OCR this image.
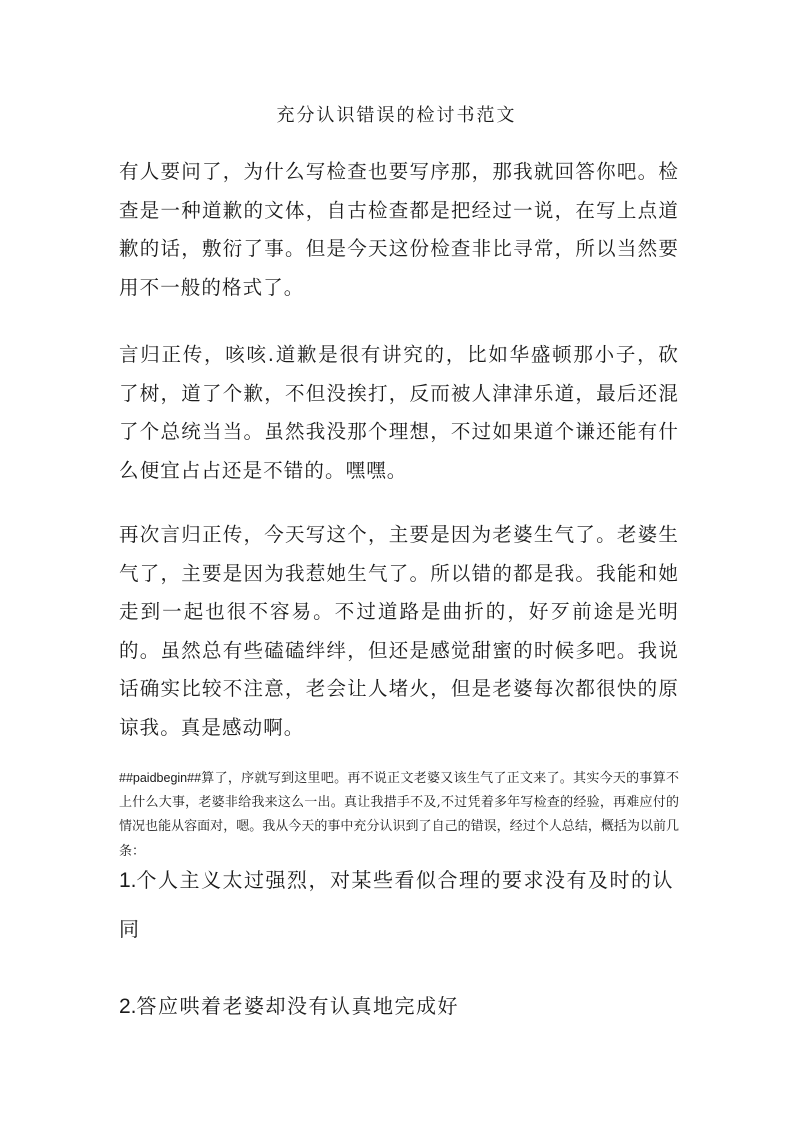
充分认识错误的检讨书范文

有人要问了，为什么写检查也要写序那，那我就回答你吧。检查是一种道歉的文体，自古检查都是把经过一说，在写上点道歉的话，敷衍了事。但是今天这份检查非比寻常，所以当然要用不一般的格式了。

言归正传，咳咳.道歉是很有讲究的，比如华盛顿那小子，砍了树，道了个歉，不但没挨打，反而被人津津乐道，最后还混了个总统当当。虽然我没那个理想，不过如果道个谦还能有什么便宜占占还是不错的。嘿嘿。

再次言归正传，今天写这个，主要是因为老婆生气了。老婆生气了，主要是因为我惹她生气了。所以错的都是我。我能和她走到一起也很不容易。不过道路是曲折的，好歹前途是光明的。虽然总有些磕磕绊绊，但还是感觉甜蜜的时候多吧。我说话确实比较不注意，老会让人堵火，但是老婆每次都很快的原谅我。真是感动啊。

##paidbegin##算了，序就写到这里吧。再不说正文老婆又该生气了正文来了。其实今天的事算不上什么大事，老婆非给我来这么一出。真让我措手不及,不过凭着多年写检查的经验，再难应付的情况也能从容面对，嗯。我从今天的事中充分认识到了自己的错误，经过个人总结，概括为以前几条：

1.个人主义太过强烈，对某些看似合理的要求没有及时的认同

2.答应哄着老婆却没有认真地完成好
